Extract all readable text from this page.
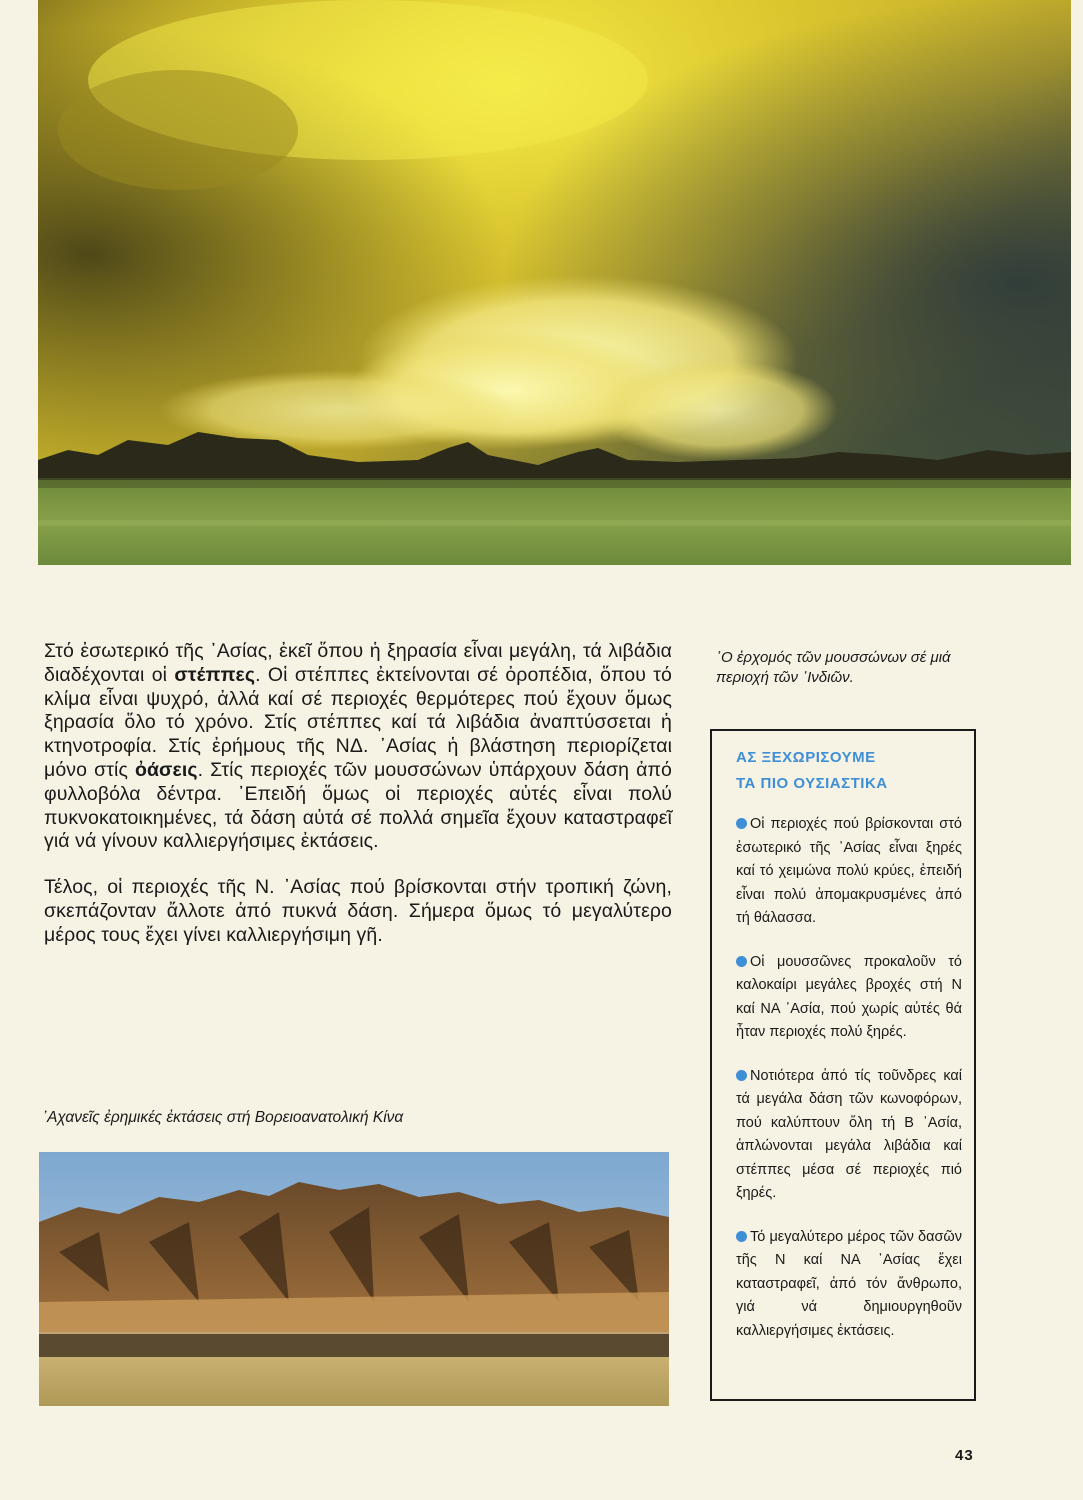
῾Ο ἐρχομός τῶν μουσσώνων σέ μιά περιοχή τῶν ᾿Ινδιῶν.

Στό ἐσωτερικό τῆς ᾿Ασίας, ἐκεῖ ὅπου ἡ ξηρασία εἶναι μεγάλη, τά λιβάδια διαδέχονται οἱ στέππες. Οἱ στέππες ἐκτείνονται σέ ὀροπέδια, ὅπου τό κλίμα εἶναι ψυχρό, ἀλλά καί σέ περιοχές θερμότερες πού ἔχουν ὅμως ξηρασία ὅλο τό χρόνο. Στίς στέππες καί τά λιβάδια ἀναπτύσσεται ἡ κτηνοτροφία. Στίς ἐρήμους τῆς ΝΔ. ᾿Ασίας ἡ βλάστηση περιορίζεται μόνο στίς ὀάσεις. Στίς περιοχές τῶν μουσσώνων ὑπάρχουν δάση ἀπό φυλλοβόλα δέντρα. ᾿Επειδή ὅμως οἱ περιοχές αὐτές εἶναι πολύ πυκνοκατοικημένες, τά δάση αὐτά σέ πολλά σημεῖα ἔχουν καταστραφεῖ γιά νά γίνουν καλλιεργήσιμες ἐκτάσεις.

Τέλος, οἱ περιοχές τῆς Ν. ᾿Ασίας πού βρίσκονται στήν τροπική ζώνη, σκεπάζονταν ἄλλοτε ἀπό πυκνά δάση. Σήμερα ὅμως τό μεγαλύτερο μέρος τους ἔχει γίνει καλλιεργήσιμη γῆ.

᾿Αχανεῖς ἐρημικές ἐκτάσεις στή Βορειοανατολική Κίνα
ΑΣ ΞΕΧΩΡΙΣΟΥΜΕ
ΤΑ ΠΙΟ ΟΥΣΙΑΣΤΙΚΑ
Οἱ περιοχές πού βρίσκονται στό ἐσωτερικό τῆς ᾿Ασίας εἶναι ξηρές καί τό χειμώνα πολύ κρύες, ἐπειδή εἶναι πολύ ἀπομακρυσμένες ἀπό τή θάλασσα.
Οἱ μουσσῶνες προκαλοῦν τό καλοκαίρι μεγάλες βροχές στή Ν καί ΝΑ ᾿Ασία, πού χωρίς αὐτές θά ἦταν περιοχές πολύ ξηρές.
Νοτιότερα ἀπό τίς τοῦνδρες καί τά μεγάλα δάση τῶν κωνοφόρων, πού καλύπτουν ὅλη τή Β ᾿Ασία, ἁπλώνονται μεγάλα λιβάδια καί στέππες μέσα σέ περιοχές πιό ξηρές.
Τό μεγαλύτερο μέρος τῶν δασῶν τῆς Ν καί ΝΑ ᾿Ασίας ἔχει καταστραφεῖ, ἀπό τόν ἄνθρωπο, γιά νά δημιουργηθοῦν καλλιεργήσιμες ἐκτάσεις.
43
